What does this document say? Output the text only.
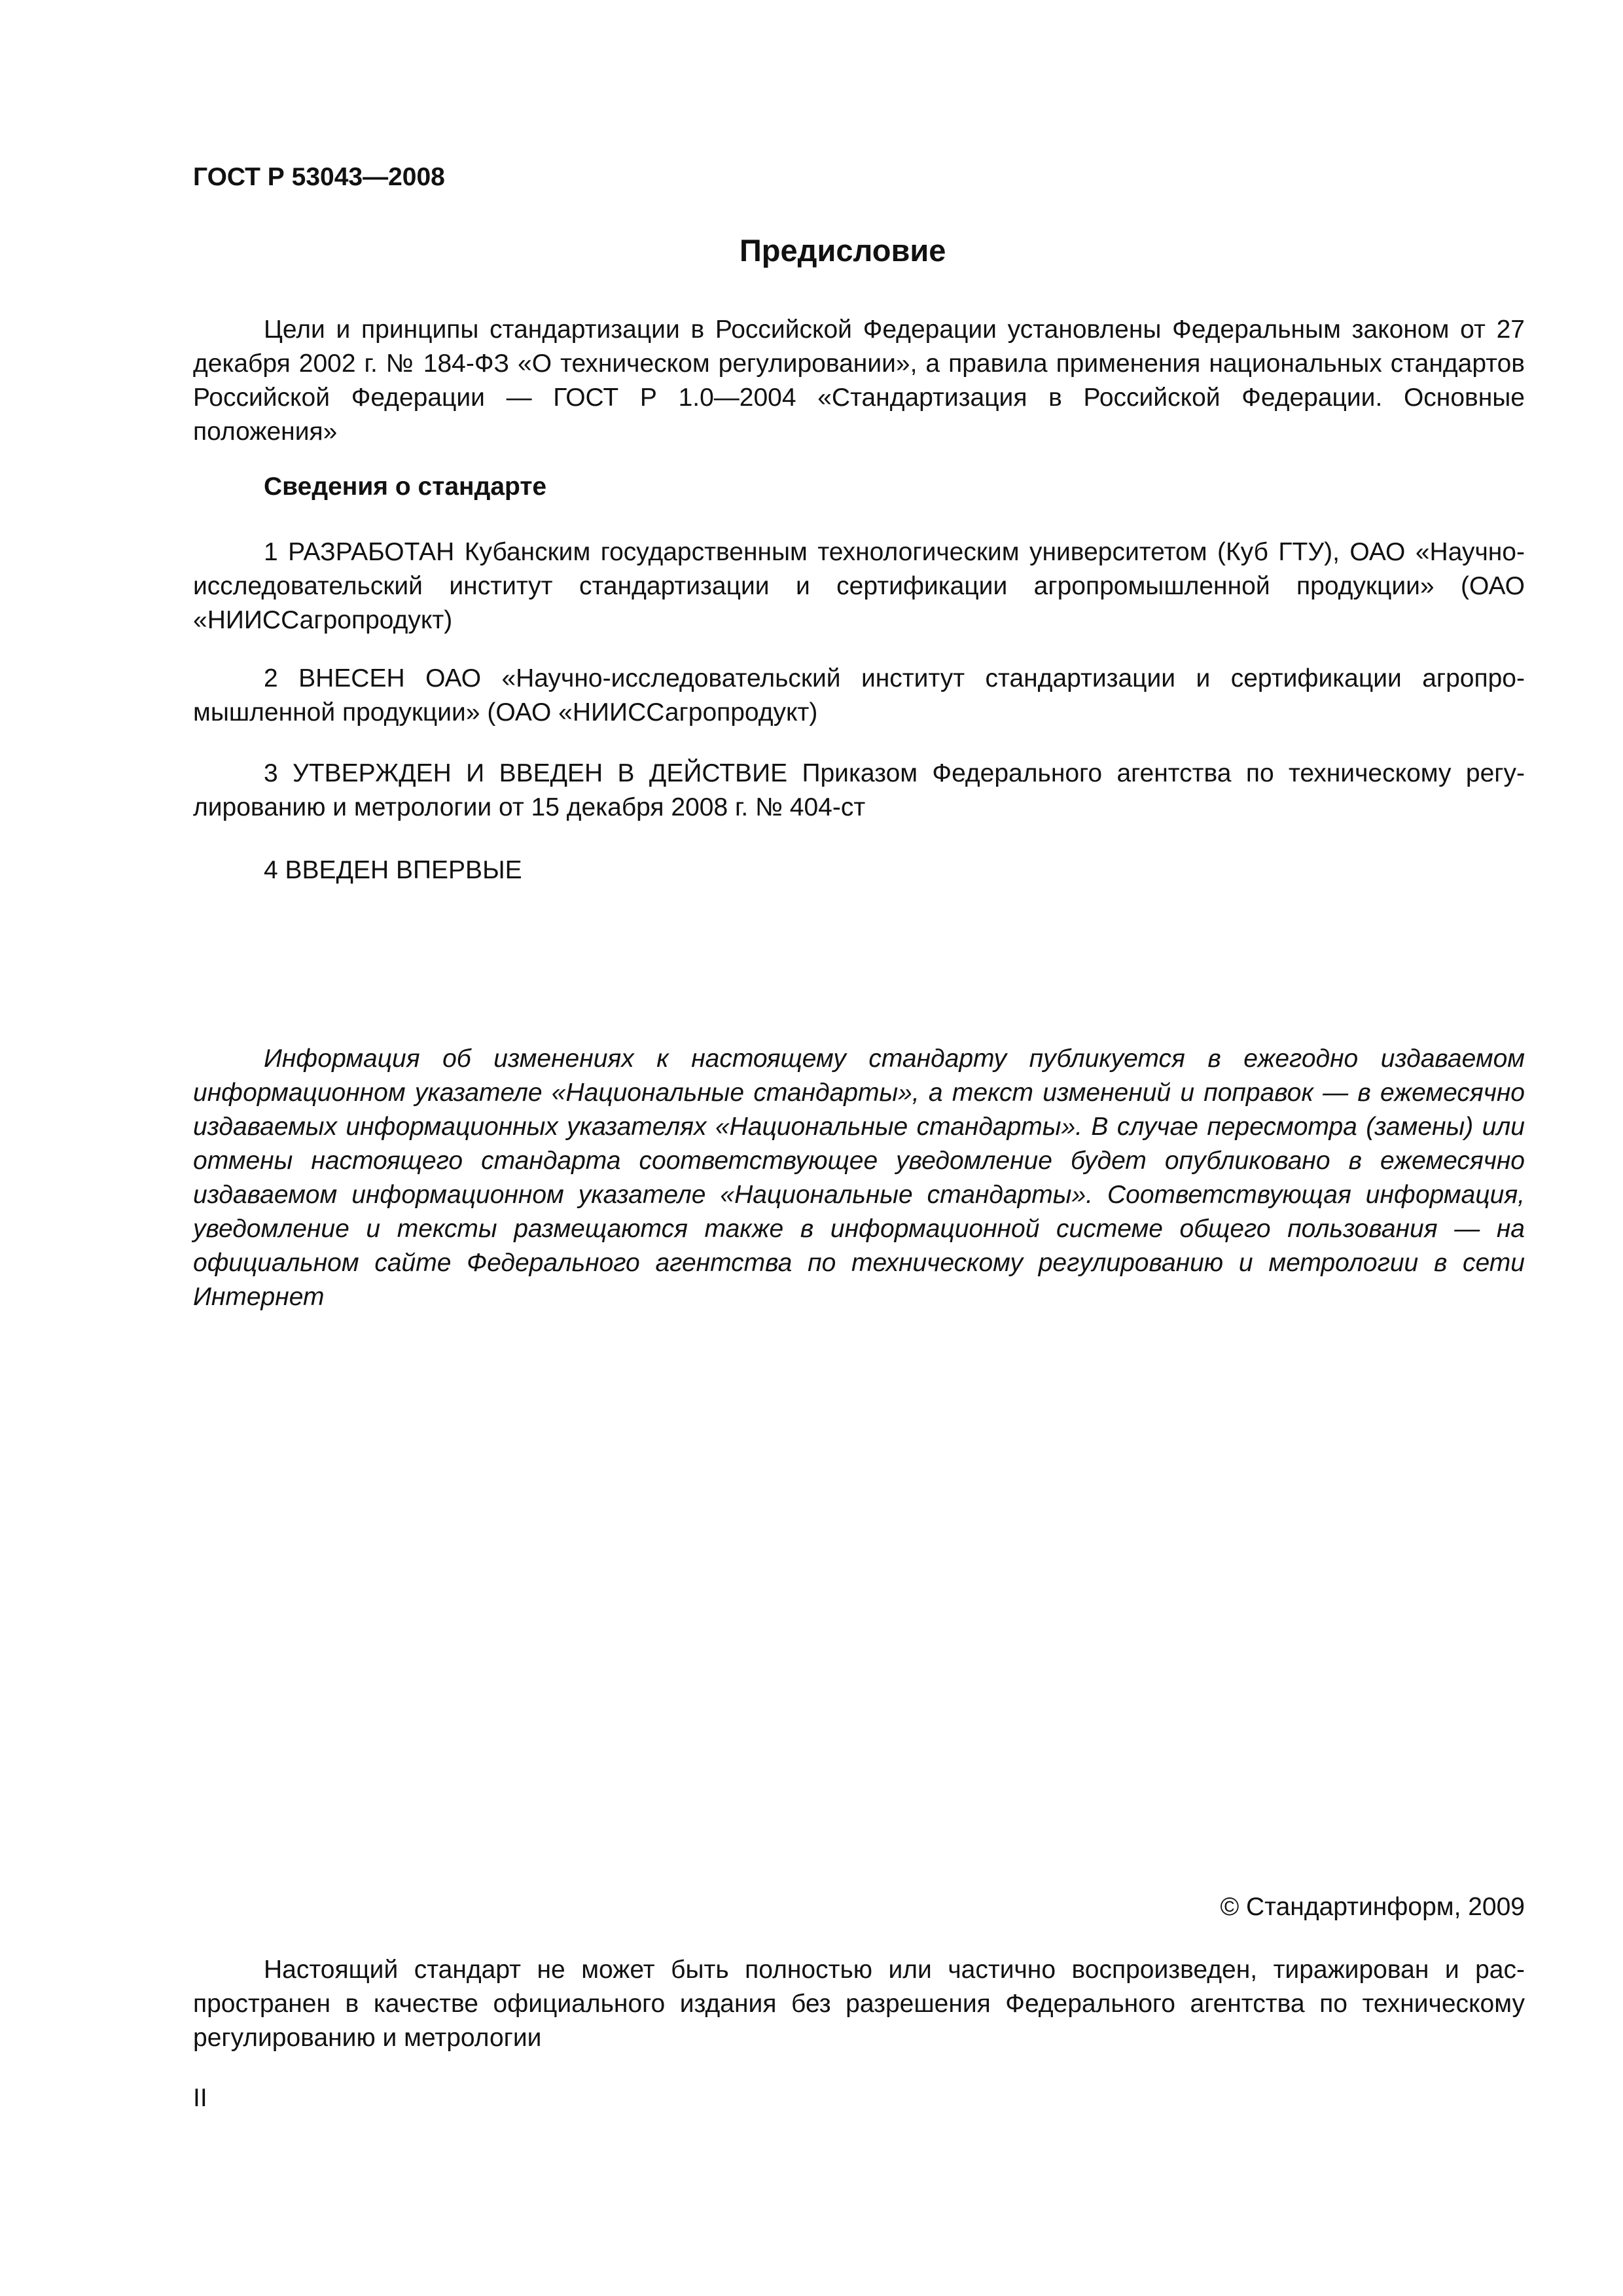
ГОСТ Р 53043—2008
Предисловие
Цели и принципы стандартизации в Российской Федерации установлены Федеральным законом от 27 декабря 2002 г. № 184-ФЗ «О техническом регулировании», а правила применения национальных стандартов Российской Федерации — ГОСТ Р 1.0—2004 «Стандартизация в Российской Федерации. Основные положения»
Сведения о стандарте
1 РАЗРАБОТАН Кубанским государственным технологическим университетом (Куб ГТУ), ОАО «Научно-исследовательский институт стандартизации и сертификации агропромышленной продукции» (ОАО «НИИССагропродукт)
2 ВНЕСЕН ОАО «Научно-исследовательский институт стандартизации и сертификации агропромышленной продукции» (ОАО «НИИССагропродукт)
3 УТВЕРЖДЕН И ВВЕДЕН В ДЕЙСТВИЕ Приказом Федерального агентства по техническому регулированию и метрологии от 15 декабря 2008 г. № 404-ст
4 ВВЕДЕН ВПЕРВЫЕ
Информация об изменениях к настоящему стандарту публикуется в ежегодно издаваемом информационном указателе «Национальные стандарты», а текст изменений и поправок — в ежемесячно издаваемых информационных указателях «Национальные стандарты». В случае пересмотра (замены) или отмены настоящего стандарта соответствующее уведомление будет опубликовано в ежемесячно издаваемом информационном указателе «Национальные стандарты». Соответствующая информация, уведомление и тексты размещаются также в информационной системе общего пользования — на официальном сайте Федерального агентства по техническому регулированию и метрологии в сети Интернет
© Стандартинформ, 2009
Настоящий стандарт не может быть полностью или частично воспроизведен, тиражирован и распространен в качестве официального издания без разрешения Федерального агентства по техническому регулированию и метрологии
II
